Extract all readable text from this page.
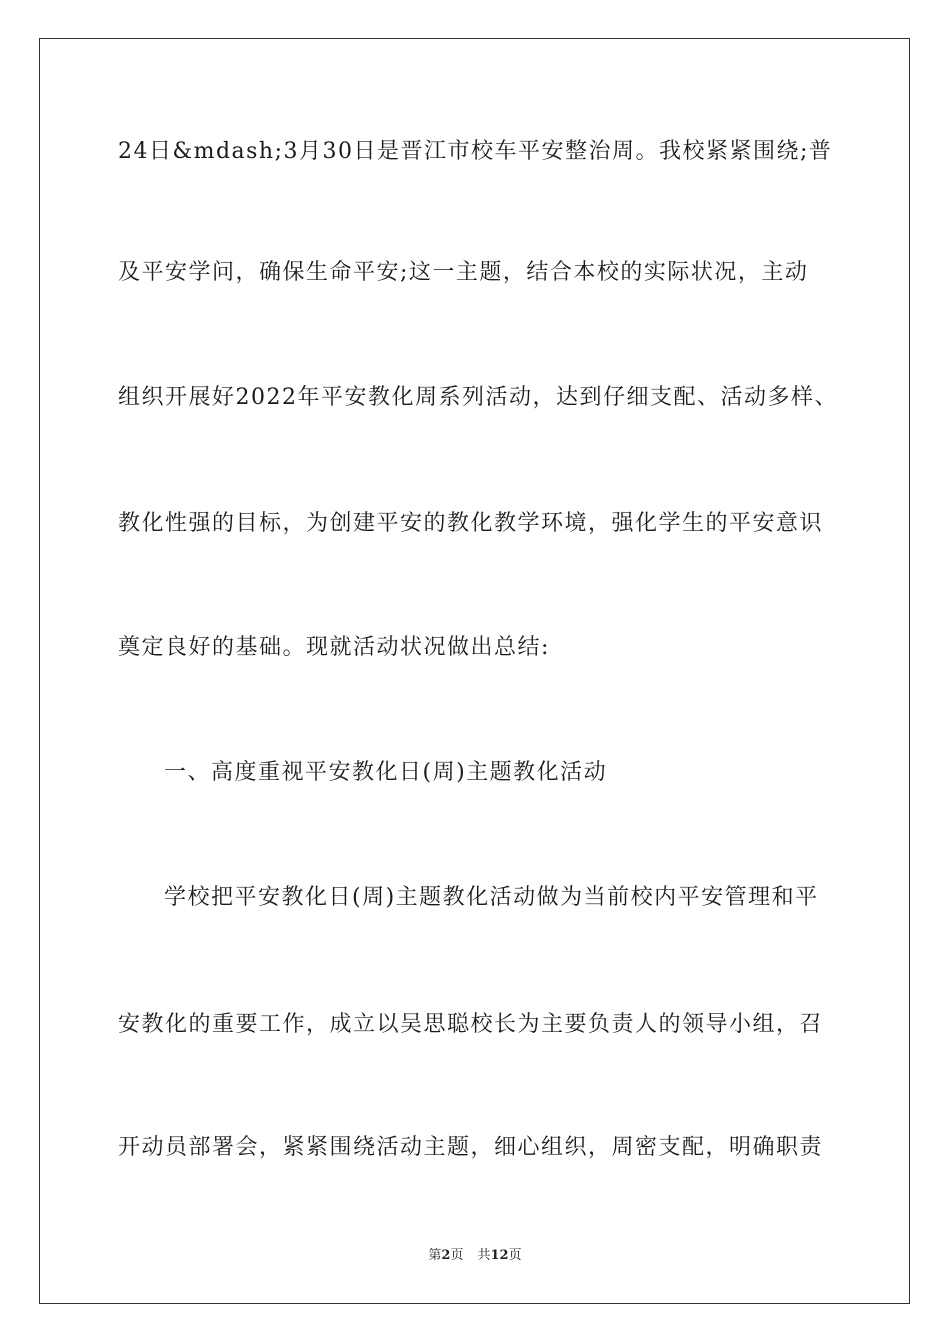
24日&mdash;3月30日是晋江市校车平安整治周。我校紧紧围绕;普
及平安学问，确保生命平安;这一主题，结合本校的实际状况，主动
组织开展好2022年平安教化周系列活动，达到仔细支配、活动多样、
教化性强的目标，为创建平安的教化教学环境，强化学生的平安意识
奠定良好的基础。现就活动状况做出总结:
一、高度重视平安教化日(周)主题教化活动
学校把平安教化日(周)主题教化活动做为当前校内平安管理和平
安教化的重要工作，成立以吴思聪校长为主要负责人的领导小组，召
开动员部署会，紧紧围绕活动主题，细心组织，周密支配，明确职责
第2页 共12页
